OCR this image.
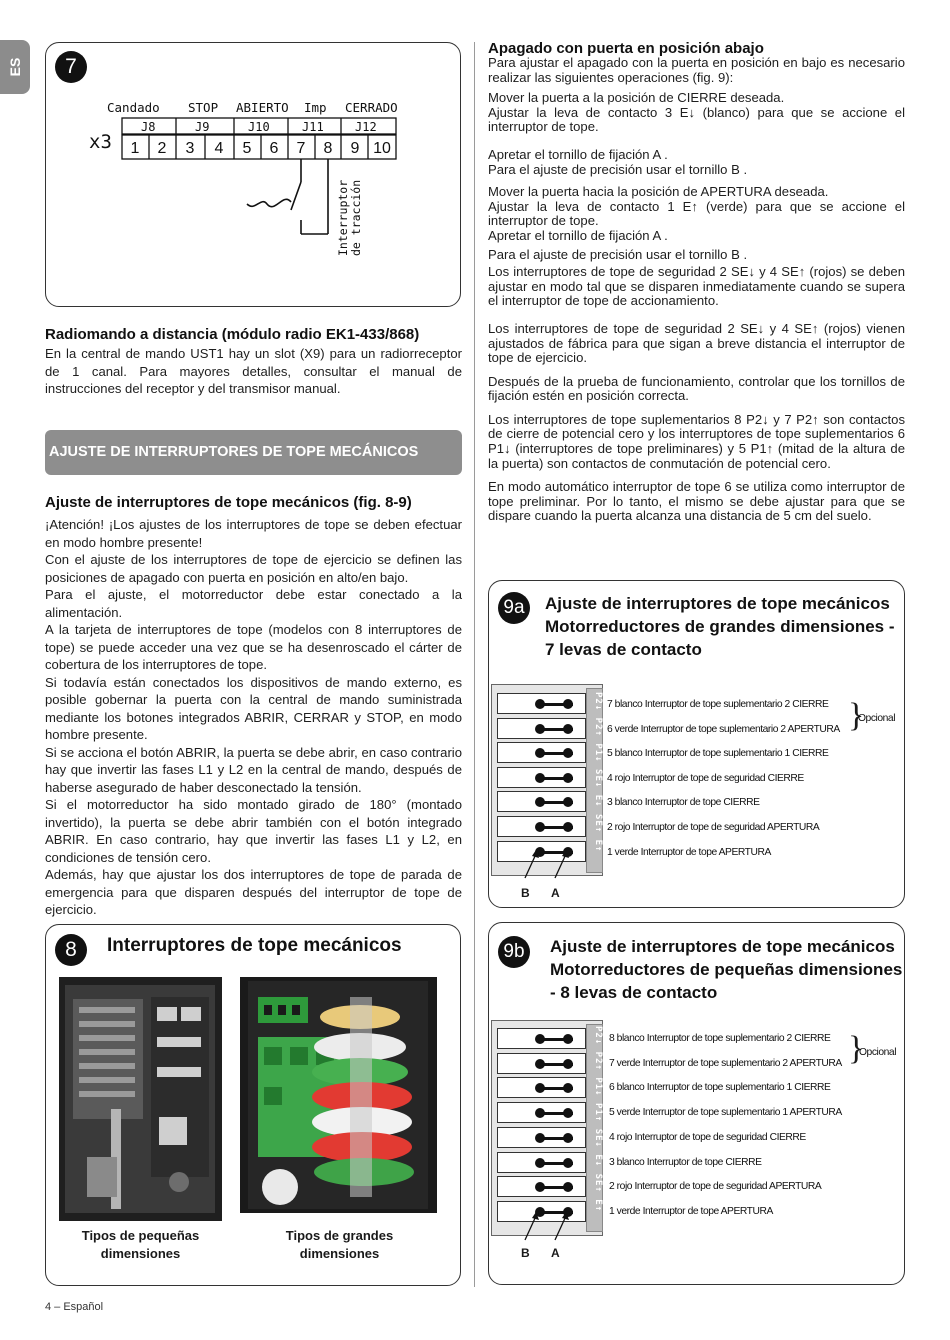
ES	7
Candado STOP ABIERTO Imp CERRADO
J8	J9	J10	J11	J12
x3 1 2 3 4 5 6 7 8 9 10
Interruptor de tracción
Radiomando a distancia (módulo radio EK1-433/868)
En la central de mando UST1 hay un slot (X9) para un radiorreceptor de 1 canal. Para mayores detalles, consultar el manual de instrucciones del receptor y del transmisor manual.
AJUSTE DE INTERRUPTORES DE TOPE MECÁNICOS
Ajuste de interruptores de tope mecánicos (fig. 8-9)

¡Atención! ¡Los ajustes de los interruptores de tope se deben efectuar en modo hombre presente!

Con el ajuste de los interruptores de tope de ejercicio se definen las posiciones de apagado con puerta en posición en alto/en bajo.

Para el ajuste, el motorreductor debe estar conectado a la alimentación.

A la tarjeta de interruptores de tope (modelos con 8 interruptores de tope) se puede acceder una vez que se ha desenroscado el cárter de cobertura de los interruptores de tope.

Si todavía están conectados los dispositivos de mando externo, es posible gobernar la puerta con la central de mando suministrada mediante los botones integrados ABRIR, CERRAR y STOP, en modo hombre presente.

Si se acciona el botón ABRIR, la puerta se debe abrir, en caso contrario hay que invertir las fases L1 y L2 en la central de mando, después de haberse asegurado de haber desconectado la tensión.

Si el motorreductor ha sido montado girado de 180° (montado invertido), la puerta se debe abrir también con el botón integrado ABRIR. En caso contrario, hay que invertir las fases L1 y L2, en condiciones de tensión cero.

Además, hay que ajustar los dos interruptores de tope de parada de emergencia para que disparen después del interruptor de tope de ejercicio.

8	Interruptores de tope mecánicos
Tipos de pequeñas dimensiones
Tipos de grandes dimensiones
Apagado con puerta en posición abajo

Para ajustar el apagado con la puerta en posición en bajo es necesario realizar las siguientes operaciones (fig. 9):

Mover la puerta a la posición de CIERRE deseada.

Ajustar la leva de contacto 3 E↓ (blanco) para que se accione el interruptor de tope.

Apretar el tornillo de fijación A .

Para el ajuste de precisión usar el tornillo B .

Mover la puerta hacia la posición de APERTURA deseada.

Ajustar la leva de contacto 1 E↑ (verde) para que se accione el interruptor de tope.

Apretar el tornillo de fijación A .

Para el ajuste de precisión usar el tornillo B .

Los interruptores de tope de seguridad 2 SE↓ y 4 SE↑ (rojos) se deben ajustar en modo tal que se disparen inmediatamente cuando se supera el interruptor de tope de accionamiento.

Los interruptores de tope de seguridad 2 SE↓ y 4 SE↑ (rojos) vienen ajustados de fábrica para que sigan a breve distancia el interruptor de tope de ejercicio.

Después de la prueba de funcionamiento, controlar que los tornillos de fijación estén en posición correcta.

Los interruptores de tope suplementarios 8 P2↓ y 7 P2↑ son contactos de cierre de potencial cero y los interruptores de tope suplementarios 6 P1↓ (interruptores de tope preliminares) y 5 P1↑ (mitad de la altura de la puerta) son contactos de conmutación de potencial cero.

En modo automático interruptor de tope 6 se utiliza como interruptor de tope preliminar. Por lo tanto, el mismo se debe ajustar para que se dispare cuando la puerta alcanza una distancia de 5 cm del suelo.

9a	Ajuste de interruptores de tope mecánicos
Motorreductores de grandes dimensiones -
7 levas de contacto
P2↓ P2↑ P1↓ SE↓ E↓ SE↑ E↑ 7 blanco Interruptor de tope suplementario 2 CIERRE
6 verde Interruptor de tope suplementario 2 APERTURA
5 blanco Interruptor de tope suplementario 1 CIERRE
4 rojo Interruptor de tope de seguridad CIERRE
3 blanco Interruptor de tope CIERRE
2 rojo Interruptor de tope de seguridad APERTURA
1 verde Interruptor de tope APERTURA
}
Opcional
B A
9b	Ajuste de interruptores de tope mecánicos
Motorreductores de pequeñas dimensiones
- 8 levas de contacto
P2↓ P2↑ P1↓ P1↑ SE↓ E↓ SE↑ E↑ 8 blanco Interruptor de tope suplementario 2 CIERRE
7 verde Interruptor de tope suplementario 2 APERTURA
6 blanco Interruptor de tope suplementario 1 CIERRE
5 verde Interruptor de tope suplementario 1 APERTURA
4 rojo Interruptor de tope de seguridad CIERRE
3 blanco Interruptor de tope CIERRE
2 rojo Interruptor de tope de seguridad APERTURA
1 verde Interruptor de tope APERTURA
}
Opcional
B A
4 – Español
